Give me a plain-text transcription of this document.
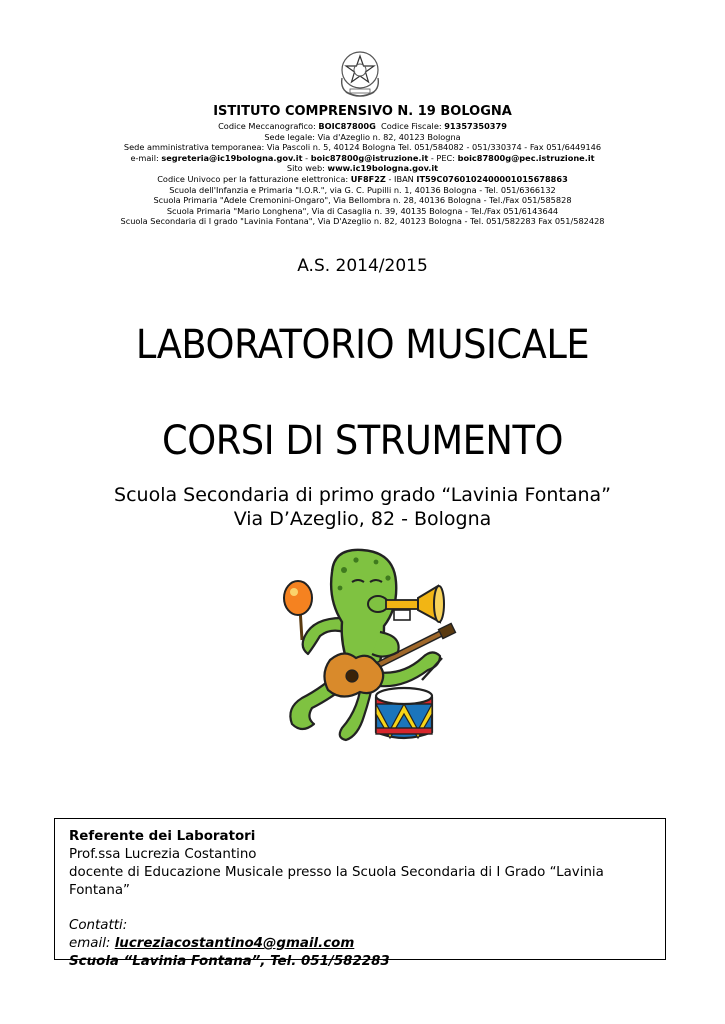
ISTITUTO COMPRENSIVO N. 19 BOLOGNA
Codice Meccanografico: BOIC87800G  Codice Fiscale: 91357350379
Sede legale: Via d'Azeglio n. 82, 40123 Bologna
Sede amministrativa temporanea: Via Pascoli n. 5, 40124 Bologna Tel. 051/584082 - 051/330374 - Fax 051/6449146
e-mail: segreteria@ic19bologna.gov.it - boic87800g@istruzione.it - PEC: boic87800g@pec.istruzione.it
Sito web: www.ic19bologna.gov.it
Codice Univoco per la fatturazione elettronica: UF8F2Z - IBAN IT59C0760102400001015678863
Scuola dell'Infanzia e Primaria "I.O.R.", via G. C. Pupilli n. 1, 40136 Bologna - Tel. 051/6366132
Scuola Primaria "Adele Cremonini-Ongaro", Via Bellombra n. 28, 40136 Bologna - Tel./Fax 051/585828
Scuola Primaria "Mario Longhena", Via di Casaglia n. 39, 40135 Bologna - Tel./Fax 051/6143644
Scuola Secondaria di I grado "Lavinia Fontana", Via D'Azeglio n. 82, 40123 Bologna - Tel. 051/582283 Fax 051/582428
A.S. 2014/2015
LABORATORIO MUSICALE
CORSI DI STRUMENTO
Scuola Secondaria di primo grado “Lavinia Fontana”
Via D’Azeglio, 82 - Bologna
Referente dei Laboratori
Prof.ssa Lucrezia Costantino
docente di Educazione Musicale presso la Scuola Secondaria di I Grado “Lavinia Fontana”
Contatti:
email: lucreziacostantino4@gmail.com
Scuola “Lavinia Fontana”, Tel. 051/582283
